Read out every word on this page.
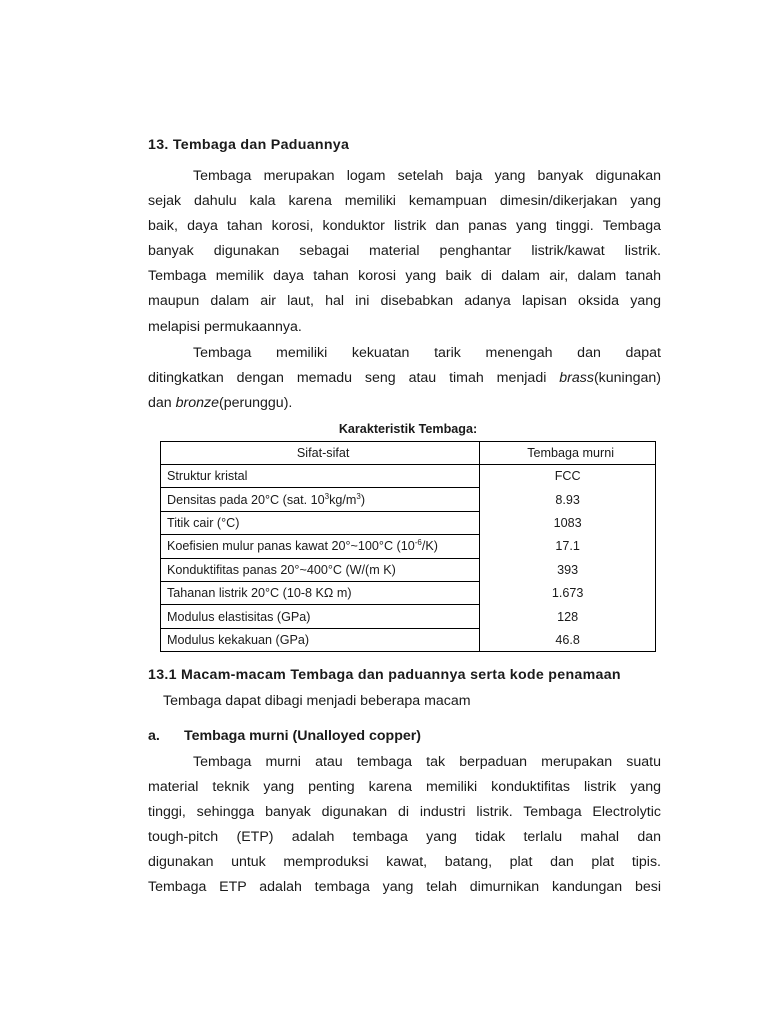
13. Tembaga dan Paduannya
Tembaga merupakan logam setelah baja yang banyak digunakan
sejak dahulu kala karena memiliki kemampuan dimesin/dikerjakan yang
baik, daya tahan korosi, konduktor listrik dan panas yang tinggi. Tembaga
banyak digunakan sebagai material penghantar listrik/kawat listrik.
Tembaga memilik daya tahan korosi yang baik di dalam air, dalam tanah
maupun dalam air laut, hal ini disebabkan adanya lapisan oksida yang
melapisi permukaannya.
Tembaga memiliki kekuatan tarik menengah dan dapat
ditingkatkan dengan memadu seng atau timah menjadi brass(kuningan)
dan bronze(perunggu).
Karakteristik Tembaga:
Sifat-sifat	Tembaga murni
Struktur kristal	FCC
Densitas pada 20°C (sat. $10^3kg/m^3$)	8.93
Titik cair (°C)	1083
Koefisien mulur panas kawat 20°~100°C $(10^{-6}/K)$	17.1
Konduktifitas panas 20°~400°C (W/(m K)	393
Tahanan listrik 20°C (10-8 KΩ m)	1.673
Modulus elastisitas (GPa)	128
Modulus kekakuan (GPa)	46.8
13.1 Macam-macam Tembaga dan paduannya serta kode penamaan
Tembaga dapat dibagi menjadi beberapa macam
a. Tembaga murni (Unalloyed copper)
Tembaga murni atau tembaga tak berpaduan merupakan suatu
material teknik yang penting karena memiliki konduktifitas listrik yang
tinggi, sehingga banyak digunakan di industri listrik. Tembaga Electrolytic
tough-pitch (ETP) adalah tembaga yang tidak terlalu mahal dan
digunakan untuk memproduksi kawat, batang, plat dan plat tipis.
Tembaga ETP adalah tembaga yang telah dimurnikan kandungan besi
